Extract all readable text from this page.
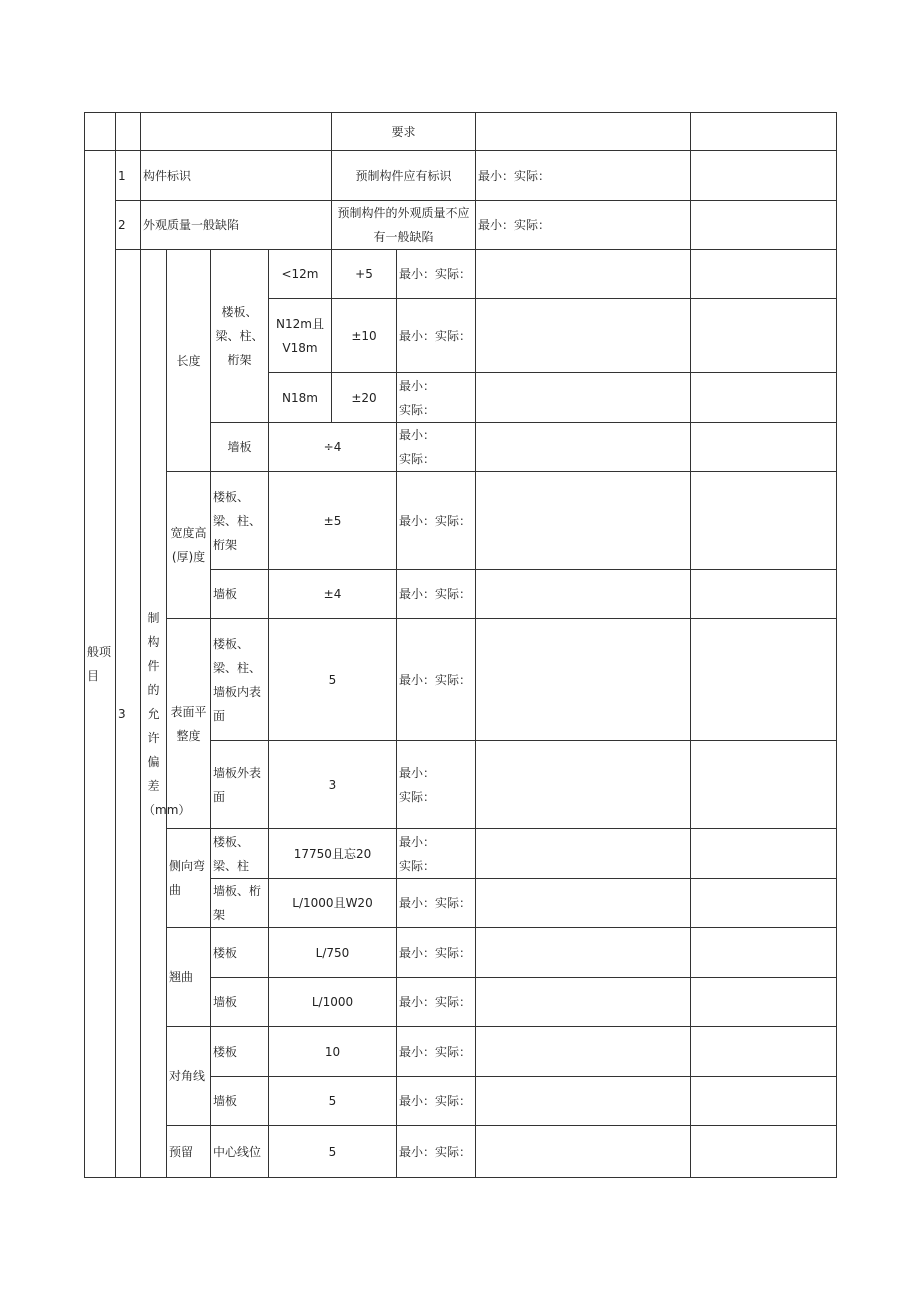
						要求				
般项目	1	构件标识				预制构件应有标识		最小：实际：		
	2	外观质量一般缺陷				预制构件的外观质量不应有一般缺陷		最小：实际：		
	3	制构件的允许偏差（mm）	长度	楼板、梁、柱、桁架	<12m	+5	最小：实际：			
					N12m且V18m	±10	最小：实际：			
					N18m	±20	最小：
实际：			
				墙板	÷4		最小：
实际：			
			宽度高(厚)度	楼板、梁、柱、桁架	±5		最小：实际：			
				墙板	±4		最小：实际：			
			表面平整度	楼板、梁、柱、墙板内表面	5		最小：实际：			
				墙板外表面	3		最小：
实际：			
			侧向弯曲	楼板、梁、柱	17750且忘20		最小：
实际：			
				墙板、桁架	L/1000且W20		最小：实际：			
			翘曲	楼板	L/750		最小：实际：			
				墙板	L/1000		最小：实际：			
			对角线	楼板	10		最小：实际：			
				墙板	5		最小：实际：			
			预留	中心线位	5		最小：实际：			
